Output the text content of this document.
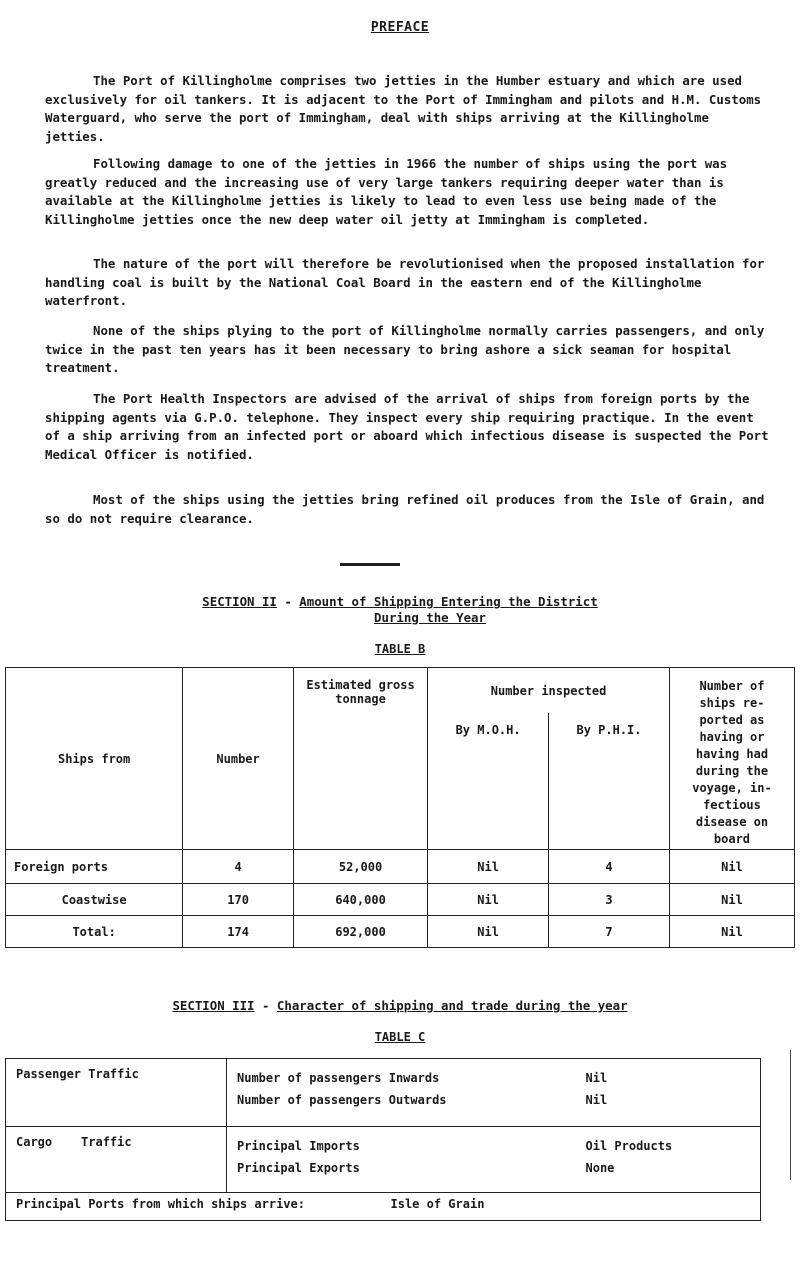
PREFACE

The Port of Killingholme comprises two jetties in the Humber estuary and which are used exclusively for oil tankers. It is adjacent to the Port of Immingham and pilots and H.M. Customs Waterguard, who serve the port of Immingham, deal with ships arriving at the Killingholme jetties.

Following damage to one of the jetties in 1966 the number of ships using the port was greatly reduced and the increasing use of very large tankers requiring deeper water than is available at the Killingholme jetties is likely to lead to even less use being made of the Killingholme jetties once the new deep water oil jetty at Immingham is completed.

The nature of the port will therefore be revolutionised when the proposed installation for handling coal is built by the National Coal Board in the eastern end of the Killingholme waterfront.

None of the ships plying to the port of Killingholme normally carries passengers, and only twice in the past ten years has it been necessary to bring ashore a sick seaman for hospital treatment.

The Port Health Inspectors are advised of the arrival of ships from foreign ports by the shipping agents via G.P.O. telephone. They inspect every ship requiring practique. In the event of a ship arriving from an infected port or aboard which infectious disease is suspected the Port Medical Officer is notified.

Most of the ships using the jetties bring refined oil produces from the Isle of Grain, and so do not require clearance.

SECTION II - Amount of Shipping Entering the District
During the Year
TABLE B
Ships from	Number	Estimated gross tonnage	Number inspected		Number of ships re-ported as having or having had during the voyage, in-fectious disease on board
			By M.O.H.	By P.H.I.	
Foreign ports	4	52,000	Nil	4	Nil
Coastwise	170	640,000	Nil	3	Nil
Total:	174	692,000	Nil	7	Nil
SECTION III - Character of shipping and trade during the year
TABLE C
Passenger Traffic	Number of passengers Inwards Nil
Number of passengers Outwards Nil

Cargo    Traffic	Principal Imports Oil Products
Principal Exports None

Principal Ports from which ships arrive: Isle of Grain	
